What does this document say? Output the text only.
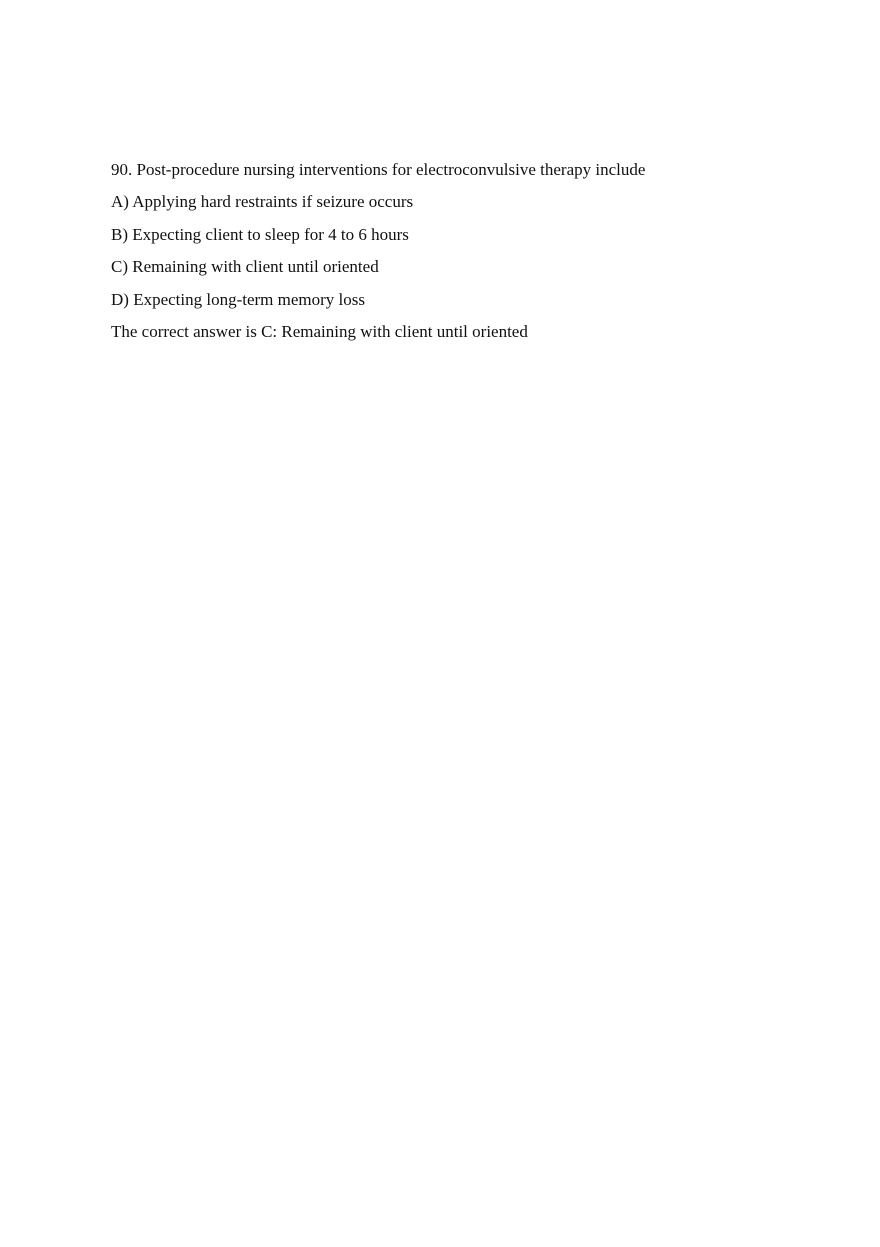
90. Post-procedure nursing interventions for electroconvulsive therapy include
A) Applying hard restraints if seizure occurs
B) Expecting client to sleep for 4 to 6 hours
C) Remaining with client until oriented
D) Expecting long-term memory loss
The correct answer is C: Remaining with client until oriented
